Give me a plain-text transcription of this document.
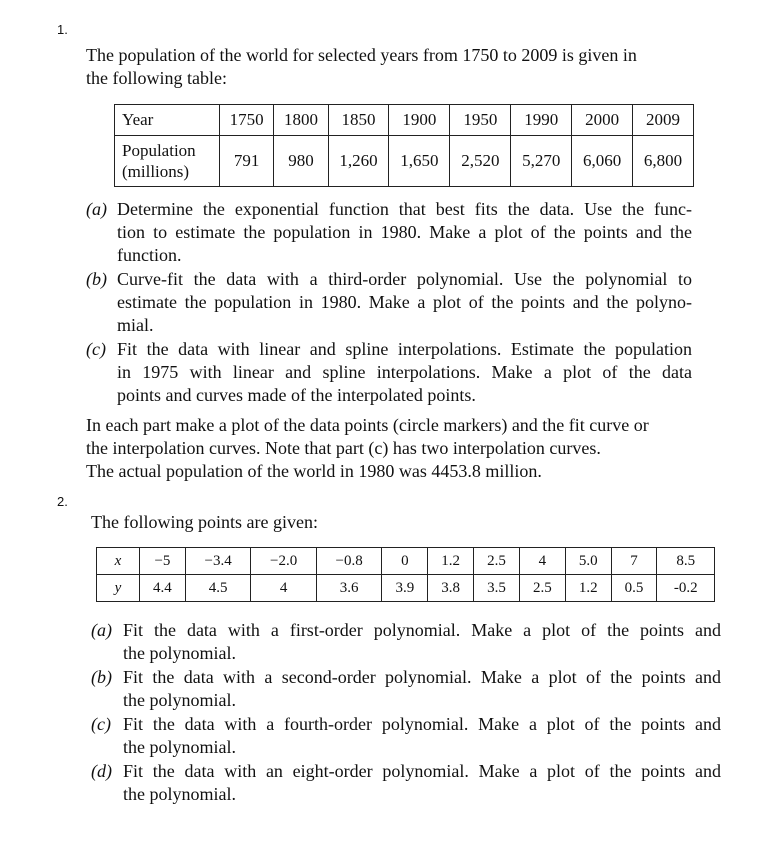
1.
The population of the world for selected years from 1750 to 2009 is given in
the following table:
Year	1750	1800	1850	1900	1950	1990	2000	2009

Population
(millions)	791	980	1,260	1,650	2,520	5,270	6,060	6,800
(a) Determine the exponential function that best fits the data. Use the func-
tion to estimate the population in 1980. Make a plot of the points and the
function.
(b) Curve-fit the data with a third-order polynomial. Use the polynomial to
estimate the population in 1980. Make a plot of the points and the polyno-
mial.
(c) Fit the data with linear and spline interpolations. Estimate the population
in 1975 with linear and spline interpolations. Make a plot of the data
points and curves made of the interpolated points.
In each part make a plot of the data points (circle markers) and the fit curve or
the interpolation curves. Note that part (c) has two interpolation curves.
The actual population of the world in 1980 was 4453.8 million.
2.
The following points are given:
x	−5	−3.4	−2.0	−0.8	0	1.2	2.5	4	5.0	7	8.5
y	4.4	4.5	4	3.6	3.9	3.8	3.5	2.5	1.2	0.5	-0.2
(a) Fit the data with a first-order polynomial. Make a plot of the points and
the polynomial.
(b) Fit the data with a second-order polynomial. Make a plot of the points and
the polynomial.
(c) Fit the data with a fourth-order polynomial. Make a plot of the points and
the polynomial.
(d) Fit the data with an eight-order polynomial. Make a plot of the points and
the polynomial.
